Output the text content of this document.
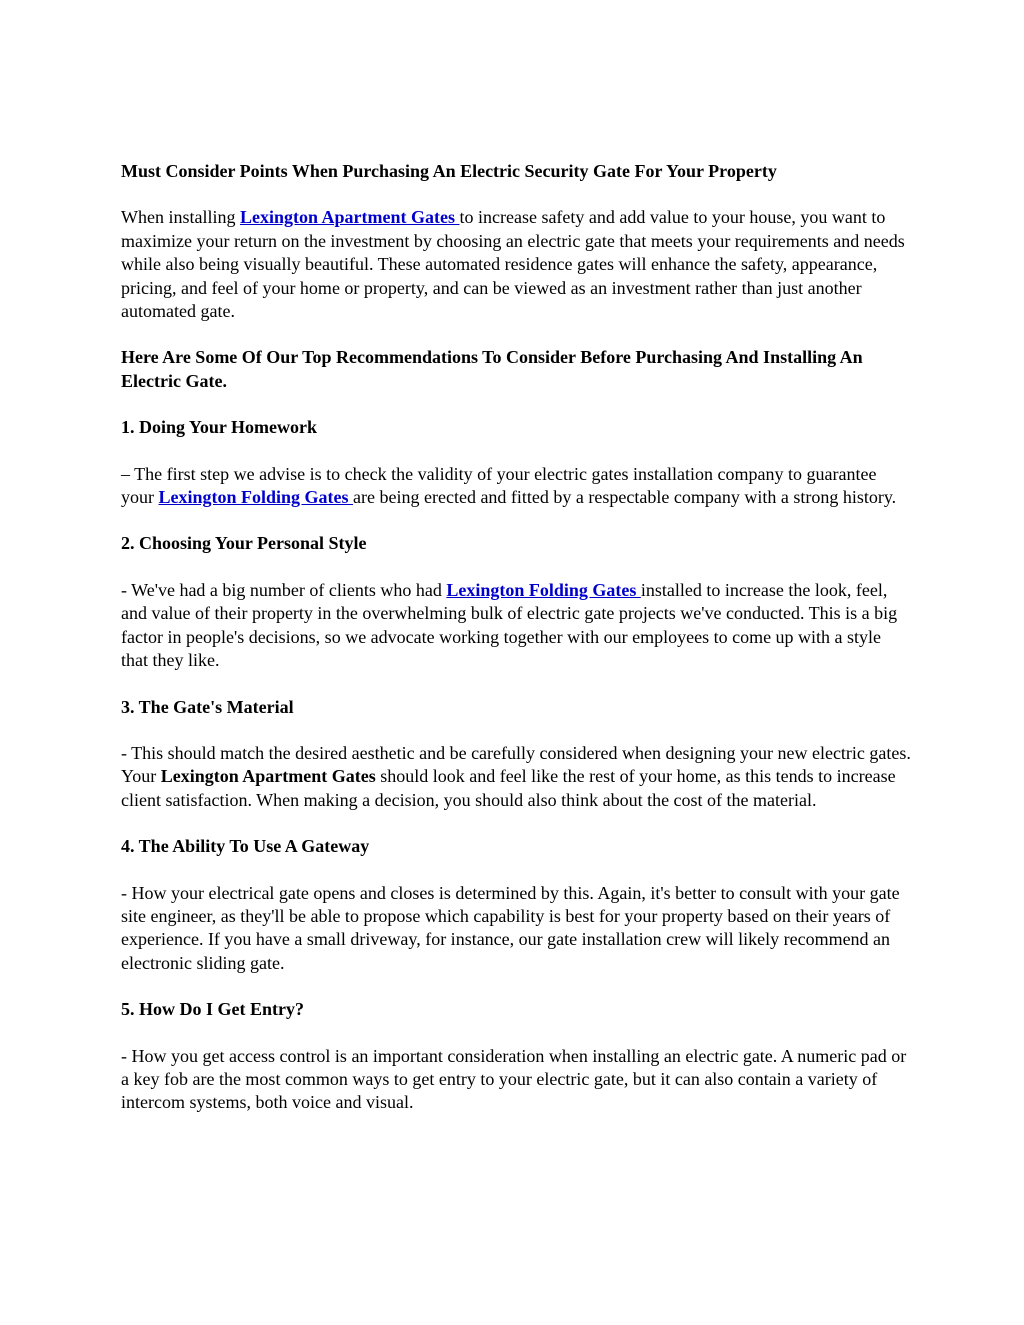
Must Consider Points When Purchasing An Electric Security Gate For Your Property
When installing Lexington Apartment Gates to increase safety and add value to your house, you want to maximize your return on the investment by choosing an electric gate that meets your requirements and needs while also being visually beautiful. These automated residence gates will enhance the safety, appearance, pricing, and feel of your home or property, and can be viewed as an investment rather than just another automated gate.
Here Are Some Of Our Top Recommendations To Consider Before Purchasing And Installing An Electric Gate.
1. Doing Your Homework
– The first step we advise is to check the validity of your electric gates installation company to guarantee your Lexington Folding Gates are being erected and fitted by a respectable company with a strong history.
2. Choosing Your Personal Style
- We've had a big number of clients who had Lexington Folding Gates installed to increase the look, feel, and value of their property in the overwhelming bulk of electric gate projects we've conducted. This is a big factor in people's decisions, so we advocate working together with our employees to come up with a style that they like.
3. The Gate's Material
- This should match the desired aesthetic and be carefully considered when designing your new electric gates. Your Lexington Apartment Gates should look and feel like the rest of your home, as this tends to increase client satisfaction. When making a decision, you should also think about the cost of the material.
4. The Ability To Use A Gateway
- How your electrical gate opens and closes is determined by this. Again, it's better to consult with your gate site engineer, as they'll be able to propose which capability is best for your property based on their years of experience. If you have a small driveway, for instance, our gate installation crew will likely recommend an electronic sliding gate.
5. How Do I Get Entry?
- How you get access control is an important consideration when installing an electric gate. A numeric pad or a key fob are the most common ways to get entry to your electric gate, but it can also contain a variety of intercom systems, both voice and visual.
